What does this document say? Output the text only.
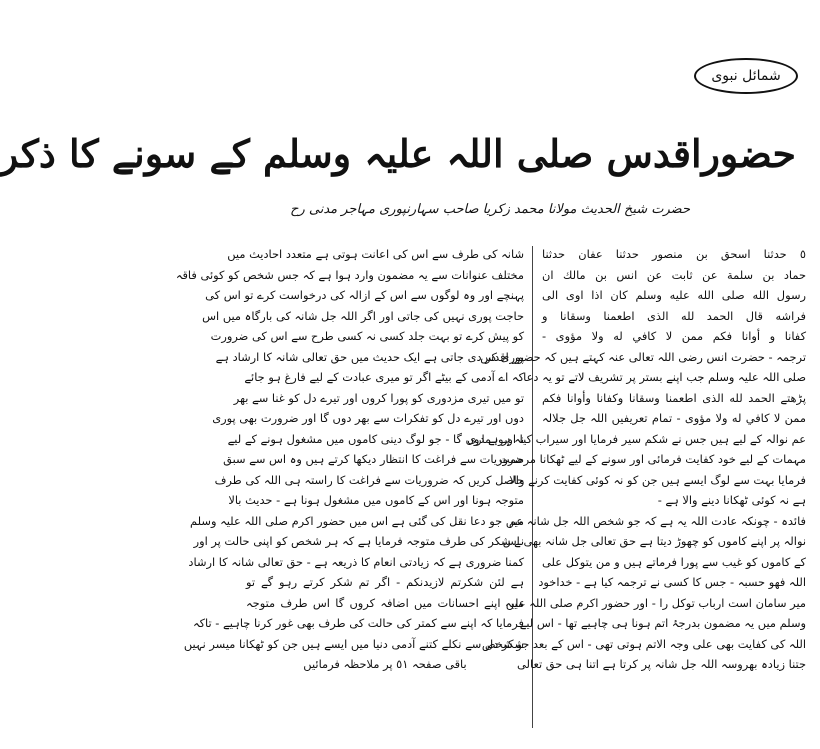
شمائل نبوی
حضوراقدس صلی اللہ علیہ وسلم کے سونے کا ذکر
حضرت شیخ الحدیث مولانا محمد زکریا صاحب سہارنپوری مہاجر مدنی رح
٥ حدثنا اسحق بن منصور حدثنا عفان حدثنا
حماد بن سلمة عن ثابت عن انس بن مالك ان
رسول الله صلى الله عليه وسلم كان اذا اوى الى
فراشه قال الحمد لله الذى اطعمنا وسقانا و
كفانا و أوانا فكم ممن لا كافي له ولا مؤوى -
ترجمہ - حضرت انس رضی اللہ تعالی عنہ کہتے ہیں کہ حضور اقدس
صلی اللہ علیہ وسلم جب اپنے بستر پر تشریف لاتے تو یہ دعا
پڑھتے الحمد لله الذى اطعمنا وسقانا وكفانا وأوانا فكم
ممن لا كافي له ولا مؤوى - تمام تعریفیں اللہ جل جلالہ
عم نوالہ کے لیے ہیں جس نے شکم سیر فرمایا اور سیراب کیا اور ہماری
مہمات کے لیے خود کفایت فرمائی اور سونے کے لیے ٹھکانا مرحمت
فرمایا بہت سے لوگ ایسے ہیں جن کو نہ کوئی کفایت کرنے والا
ہے نہ کوئی ٹھکانا دینے والا ہے -
فائدہ - چونکہ عادت اللہ یہ ہے کہ جو شخص اللہ جل شانہ عم
نوالہ پر اپنے کاموں کو چھوڑ دیتا ہے حق تعالی جل شانہ بھی اس
کے کاموں کو غیب سے پورا فرماتے ہیں و من یتوکل علی
اللہ فھو حسبہ - جس کا کسی نے ترجمہ کیا ہے - خداخود
میر سامان است ارباب توکل را - اور حضور اکرم صلی اللہ علیہ
وسلم میں یہ مضمون بدرجۂ اتم ہونا ہی چاہیے تھا - اس لیے
اللہ کی کفایت بھی علی وجہ الاتم ہوتی تھی - اس کے بعد جو شخص
جتنا زیادہ بھروسہ اللہ جل شانہ پر کرتا ہے اتنا ہی حق تعالی
شانہ کی طرف سے اس کی اعانت ہوتی ہے متعدد احادیث میں
مختلف عنوانات سے یہ مضمون وارد ہوا ہے کہ جس شخص کو کوئی فاقہ
پہنچے اور وہ لوگوں سے اس کے ازالہ کی درخواست کرے تو اس کی
حاجت پوری نہیں کی جاتی اور اگر اللہ جل شانہ کی بارگاہ میں اس
کو پیش کرے تو بہت جلد کسی نہ کسی طرح سے اس کی ضرورت
پوری کر دی جاتی ہے ایک حدیث میں حق تعالی شانہ کا ارشاد ہے
کہ اے آدمی کے بیٹے اگر تو میری عبادت کے لیے فارغ ہو جائے
تو میں تیری مزدوری کو پورا کروں اور تیرے دل کو غنا سے بھر
دوں اور تیرے دل کو تفکرات سے بھر دوں گا اور ضرورت بھی پوری
نہ ہونے دوں گا - جو لوگ دینی کاموں میں مشغول ہونے کے لیے
ضروریات سے فراغت کا انتظار دیکھا کرتے ہیں وہ اس سے سبق
حاصل کریں کہ ضروریات سے فراغت کا راستہ ہی اللہ کی طرف
متوجہ ہونا اور اس کے کاموں میں مشغول ہونا ہے - حدیث بالا
میں جو دعا نقل کی گئی ہے اس میں حضور اکرم صلی اللہ علیہ وسلم
نے شکر کی طرف متوجہ فرمایا ہے کہ ہر شخص کو اپنی حالت پر اور
کمنا ضروری ہے کہ زیادتی انعام کا ذریعہ ہے - حق تعالی شانہ کا ارشاد
ہے لئن شکرتم لازیدنکم - اگر تم شکر کرتے رہو گے تو
میں اپنے احسانات میں اضافہ کروں گا اس طرف متوجہ
فرمایا کہ اپنے سے کمتر کی حالت کی طرف بھی غور کرنا چاہیے - تاکہ
شکر دل سے نکلے کتنے آدمی دنیا میں ایسے ہیں جن کو ٹھکانا میسر نہیں
باقی صفحہ ٥١ پر ملاحظہ فرمائیں
